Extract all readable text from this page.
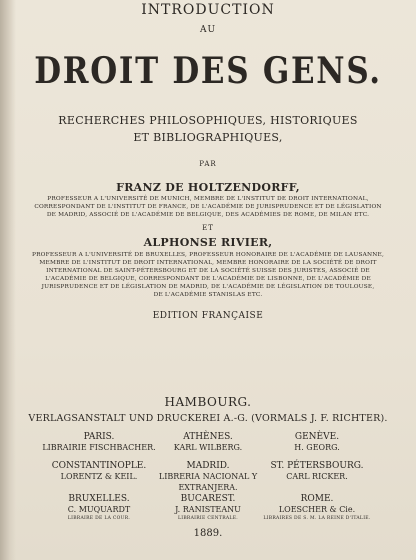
INTRODUCTION
AU
DROIT DES GENS.
RECHERCHES PHILOSOPHIQUES, HISTORIQUES
ET BIBLIOGRAPHIQUES,
PAR
FRANZ DE HOLTZENDORFF,
PROFESSEUR A L'UNIVERSITÉ DE MUNICH, MEMBRE DE L'INSTITUT DE DROIT INTERNATIONAL,
CORRESPONDANT DE L'INSTITUT DE FRANCE, DE L'ACADÉMIE DE JURISPRUDENCE ET DE LÉGISLATION
DE MADRID, ASSOCIÉ DE L'ACADÉMIE DE BELGIQUE, DES ACADÉMIES DE ROME, DE MILAN ETC.
ET
ALPHONSE RIVIER,
PROFESSEUR A L'UNIVERSITÉ DE BRUXELLES, PROFESSEUR HONORAIRE DE L'ACADÉMIE DE LAUSANNE,
MEMBRE DE L'INSTITUT DE DROIT INTERNATIONAL, MEMBRE HONORAIRE DE LA SOCIÉTÉ DE DROIT
INTERNATIONAL DE SAINT-PÉTERSBOURG ET DE LA SOCIÉTÉ SUISSE DES JURISTES, ASSOCIÉ DE
L'ACADÉMIE DE BELGIQUE, CORRESPONDANT DE L'ACADÉMIE DE LISBONNE, DE L'ACADÉMIE DE
JURISPRUDENCE ET DE LÉGISLATION DE MADRID, DE L'ACADÉMIE DE LÉGISLATION DE TOULOUSE,
DE L'ACADÉMIE STANISLAS ETC.
EDITION FRANÇAISE
HAMBOURG.
VERLAGSANSTALT UND DRUCKEREI A.-G. (VORMALS J. F. RICHTER).
PARIS.
LIBRAIRIE FISCHBACHER.
ATHÈNES.
KARL WILBERG.
GENÈVE.
H. GEORG.
CONSTANTINOPLE.
LORENTZ & KEIL.
MADRID.
LIBRERIA NACIONAL Y
EXTRANJERA.
ST. PÉTERSBOURG.
CARL RICKER.
BRUXELLES.
C. MUQUARDT
LIBRAIRE DE LA COUR.
BUCAREST.
J. RANISTEANU
LIBRAIRIE CENTRALE.
ROME.
LOESCHER & Cie.
LIBRAIRES DE S. M. LA REINE D'ITALIE.
1889.
